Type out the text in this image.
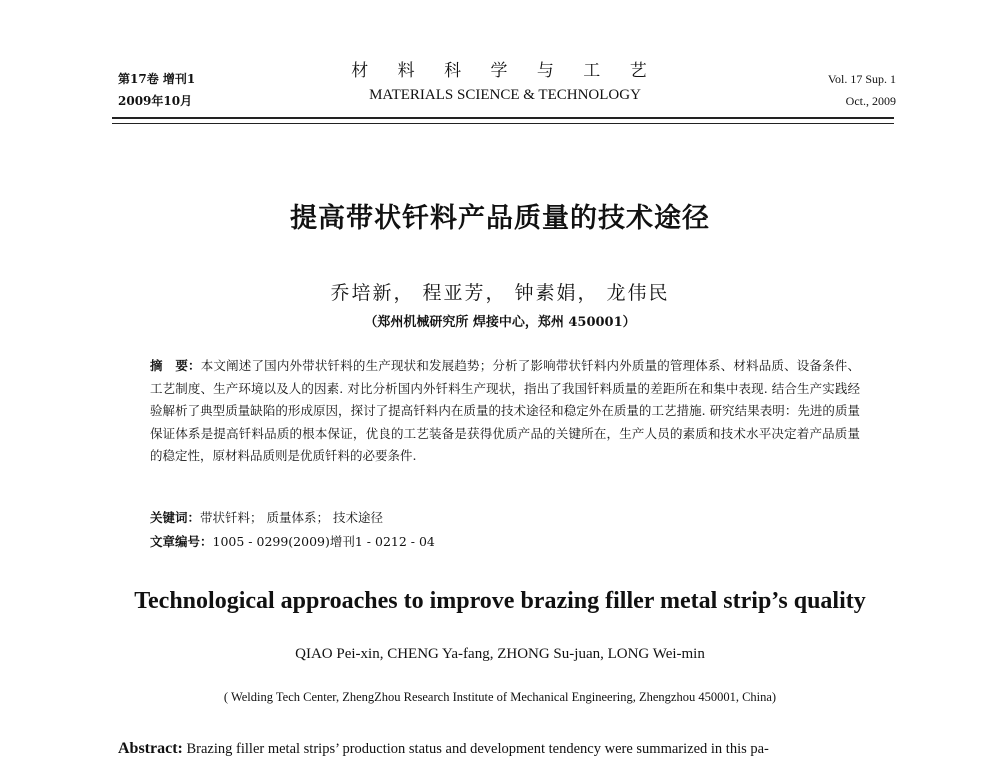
第17卷 增刊1
2009年10月
材 料 科 学 与 工 艺
MATERIALS SCIENCE & TECHNOLOGY
Vol. 17 Sup. 1
Oct., 2009
提高带状钎料产品质量的技术途径
乔培新， 程亚芳， 钟素娟， 龙伟民
（郑州机械研究所 焊接中心，郑州 450001）
摘　要：本文阐述了国内外带状钎料的生产现状和发展趋势；分析了影响带状钎料内外质量的管理体系、材料品质、设备条件、工艺制度、生产环境以及人的因素. 对比分析国内外钎料生产现状，指出了我国钎料质量的差距所在和集中表现. 结合生产实践经验解析了典型质量缺陷的形成原因，探讨了提高钎料内在质量的技术途径和稳定外在质量的工艺措施. 研究结果表明：先进的质量保证体系是提高钎料品质的根本保证，优良的工艺装备是获得优质产品的关键所在，生产人员的素质和技术水平决定着产品质量的稳定性，原材料品质则是优质钎料的必要条件.
关键词：带状钎料； 质量体系； 技术途径
文章编号：1005 - 0299(2009)增刊1 - 0212 - 04
Technological approaches to improve brazing filler metal strip’s quality
QIAO Pei-xin, CHENG Ya-fang, ZHONG Su-juan, LONG Wei-min
( Welding Tech Center, ZhengZhou Research Institute of Mechanical Engineering, Zhengzhou 450001, China)
Abstract: Brazing filler metal strips’ production status and development tendency were summarized in this pa-
